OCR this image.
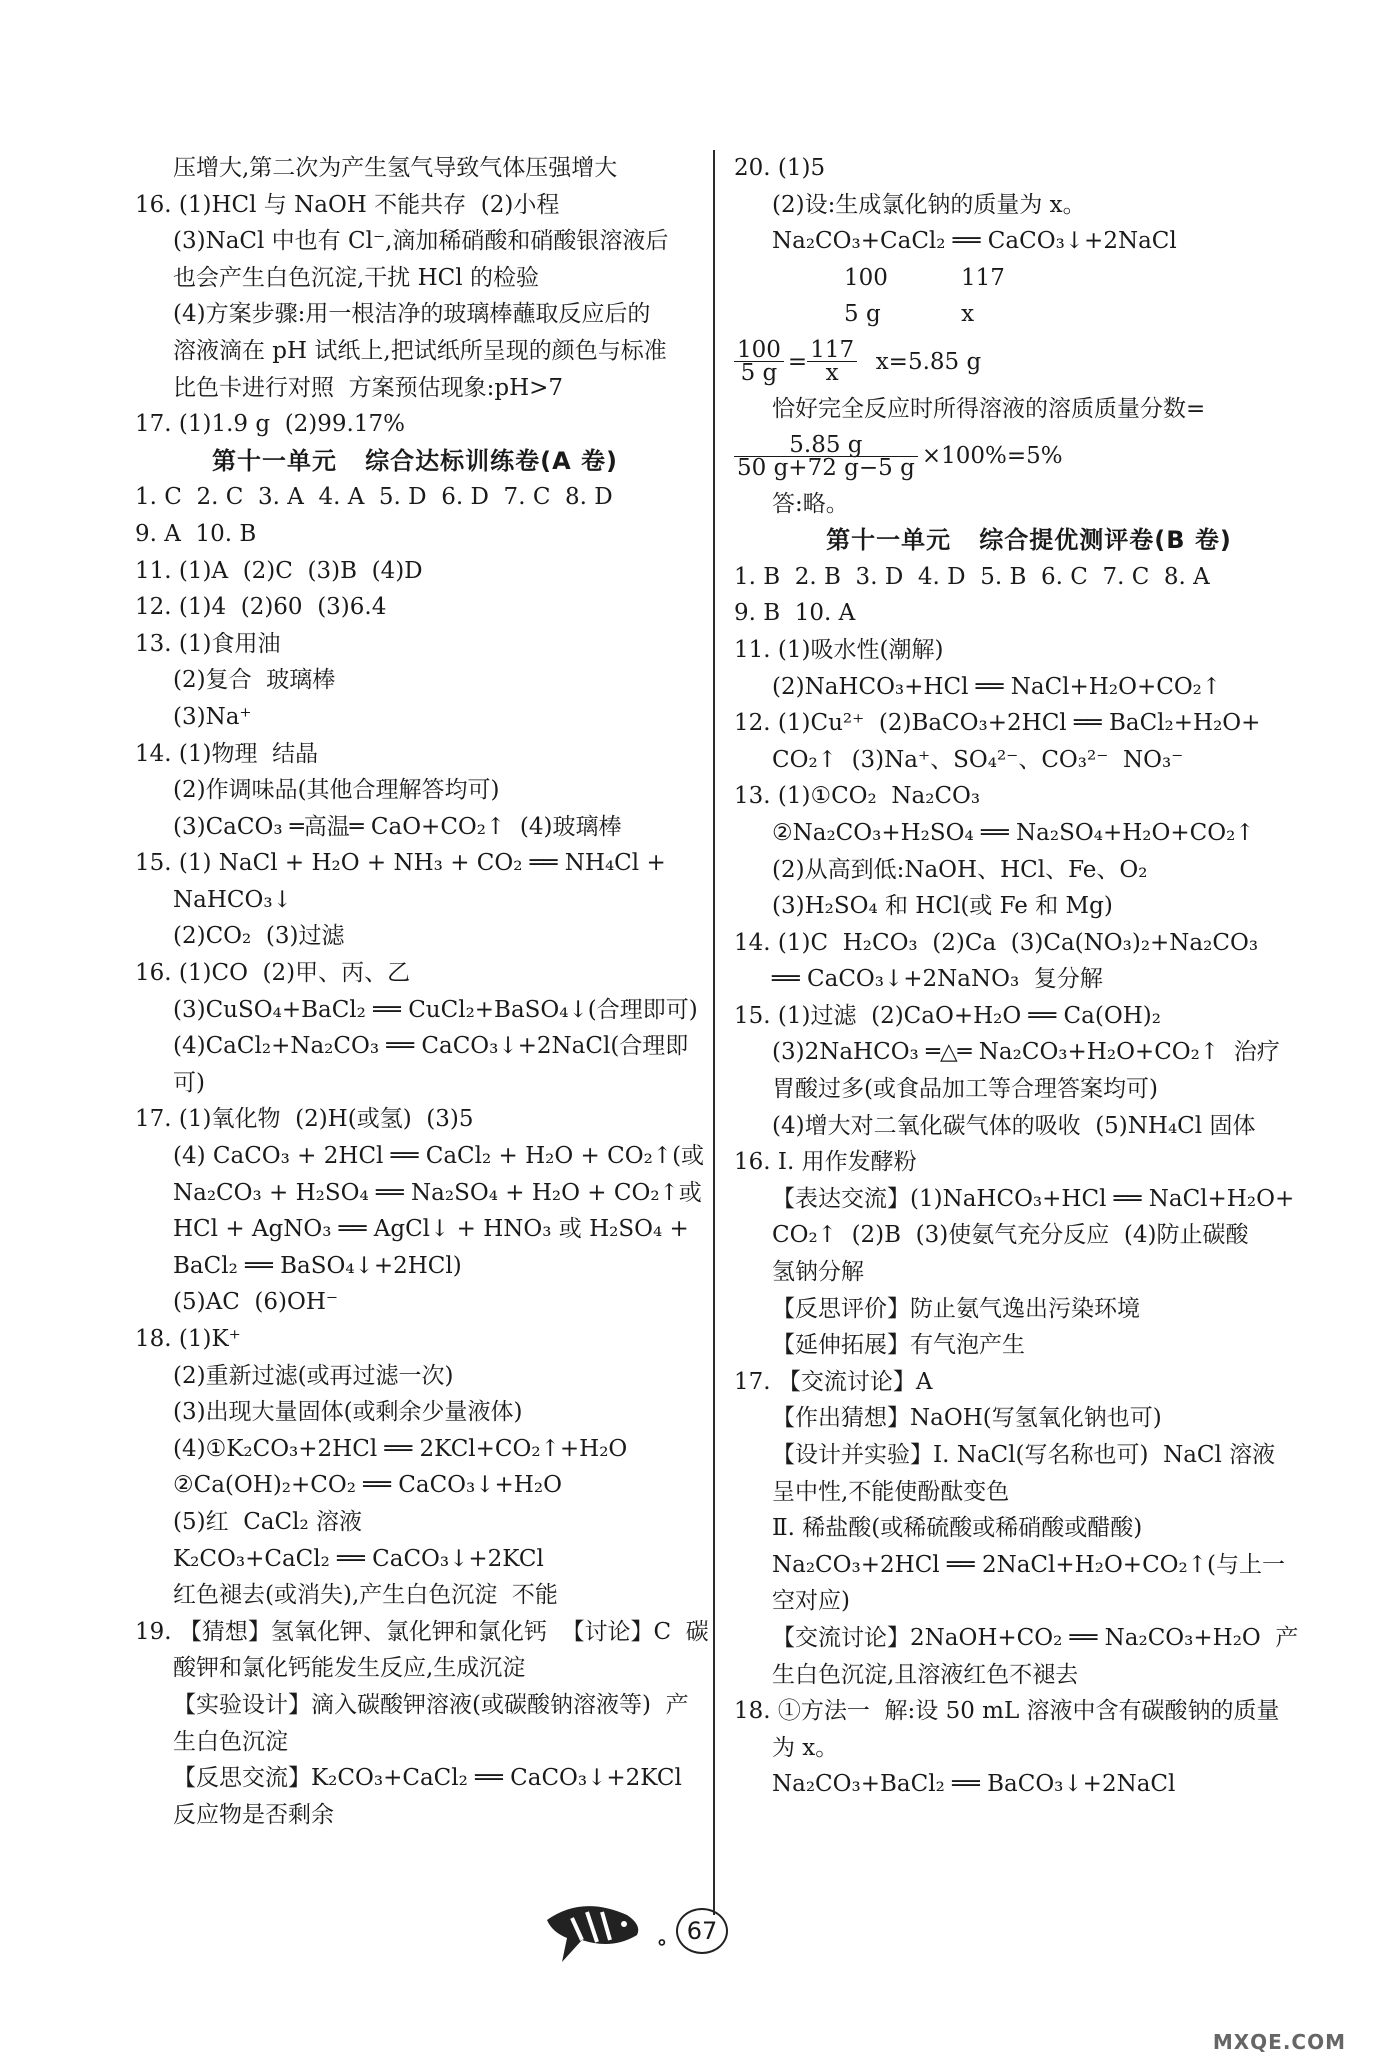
压增大,第二次为产生氢气导致气体压强增大
16. (1)HCl 与 NaOH 不能共存  (2)小程
(3)NaCl 中也有 Cl⁻,滴加稀硝酸和硝酸银溶液后
也会产生白色沉淀,干扰 HCl 的检验
(4)方案步骤:用一根洁净的玻璃棒蘸取反应后的
溶液滴在 pH 试纸上,把试纸所呈现的颜色与标准
比色卡进行对照  方案预估现象:pH>7
17. (1)1.9 g  (2)99.17%
第十一单元   综合达标训练卷(A 卷)
1. C  2. C  3. A  4. A  5. D  6. D  7. C  8. D
9. A  10. B
11. (1)A  (2)C  (3)B  (4)D
12. (1)4  (2)60  (3)6.4
13. (1)食用油
(2)复合  玻璃棒
(3)Na⁺
14. (1)物理  结晶
(2)作调味品(其他合理解答均可)
(3)CaCO₃ ═高温═ CaO+CO₂↑  (4)玻璃棒
15. (1) NaCl + H₂O + NH₃ + CO₂ ══ NH₄Cl +
NaHCO₃↓
(2)CO₂  (3)过滤
16. (1)CO  (2)甲、丙、乙
(3)CuSO₄+BaCl₂ ══ CuCl₂+BaSO₄↓(合理即可)
(4)CaCl₂+Na₂CO₃ ══ CaCO₃↓+2NaCl(合理即
可)
17. (1)氧化物  (2)H(或氢)  (3)5
(4) CaCO₃ + 2HCl ══ CaCl₂ + H₂O + CO₂↑(或
Na₂CO₃ + H₂SO₄ ══ Na₂SO₄ + H₂O + CO₂↑或
HCl + AgNO₃ ══ AgCl↓ + HNO₃ 或 H₂SO₄ +
BaCl₂ ══ BaSO₄↓+2HCl)
(5)AC  (6)OH⁻
18. (1)K⁺
(2)重新过滤(或再过滤一次)
(3)出现大量固体(或剩余少量液体)
(4)①K₂CO₃+2HCl ══ 2KCl+CO₂↑+H₂O
②Ca(OH)₂+CO₂ ══ CaCO₃↓+H₂O
(5)红  CaCl₂ 溶液
K₂CO₃+CaCl₂ ══ CaCO₃↓+2KCl
红色褪去(或消失),产生白色沉淀  不能
19. 【猜想】氢氧化钾、氯化钾和氯化钙  【讨论】C  碳
酸钾和氯化钙能发生反应,生成沉淀
【实验设计】滴入碳酸钾溶液(或碳酸钠溶液等)  产
生白色沉淀
【反思交流】K₂CO₃+CaCl₂ ══ CaCO₃↓+2KCl
反应物是否剩余
20. (1)5
(2)设:生成氯化钠的质量为 x。
Na₂CO₃+CaCl₂ ══ CaCO₃↓+2NaCl
100          117
5 g           x
$\frac{100}{5 g} = \frac{117}{x} x=5.85$ g
恰好完全反应时所得溶液的溶质质量分数=
$\frac{5.85 g}{50 g+72 g-5 g} \times 100\%=5\%$
答:略。
第十一单元   综合提优测评卷(B 卷)
1. B  2. B  3. D  4. D  5. B  6. C  7. C  8. A
9. B  10. A
11. (1)吸水性(潮解)
(2)NaHCO₃+HCl ══ NaCl+H₂O+CO₂↑
12. (1)Cu²⁺  (2)BaCO₃+2HCl ══ BaCl₂+H₂O+
CO₂↑  (3)Na⁺、SO₄²⁻、CO₃²⁻  NO₃⁻
13. (1)①CO₂  Na₂CO₃
②Na₂CO₃+H₂SO₄ ══ Na₂SO₄+H₂O+CO₂↑
(2)从高到低:NaOH、HCl、Fe、O₂
(3)H₂SO₄ 和 HCl(或 Fe 和 Mg)
14. (1)C  H₂CO₃  (2)Ca  (3)Ca(NO₃)₂+Na₂CO₃
══ CaCO₃↓+2NaNO₃  复分解
15. (1)过滤  (2)CaO+H₂O ══ Ca(OH)₂
(3)2NaHCO₃ ═△═ Na₂CO₃+H₂O+CO₂↑  治疗
胃酸过多(或食品加工等合理答案均可)
(4)增大对二氧化碳气体的吸收  (5)NH₄Cl 固体
16. Ⅰ. 用作发酵粉
【表达交流】(1)NaHCO₃+HCl ══ NaCl+H₂O+
CO₂↑  (2)B  (3)使氨气充分反应  (4)防止碳酸
氢钠分解
【反思评价】防止氨气逸出污染环境
【延伸拓展】有气泡产生
17. 【交流讨论】A
【作出猜想】NaOH(写氢氧化钠也可)
【设计并实验】Ⅰ. NaCl(写名称也可)  NaCl 溶液
呈中性,不能使酚酞变色
Ⅱ. 稀盐酸(或稀硫酸或稀硝酸或醋酸)
Na₂CO₃+2HCl ══ 2NaCl+H₂O+CO₂↑(与上一
空对应)
【交流讨论】2NaOH+CO₂ ══ Na₂CO₃+H₂O  产
生白色沉淀,且溶液红色不褪去
18. ①方法一  解:设 50 mL 溶液中含有碳酸钠的质量
为 x。
Na₂CO₃+BaCl₂ ══ BaCO₃↓+2NaCl
∘ 67
MXQE.COM
